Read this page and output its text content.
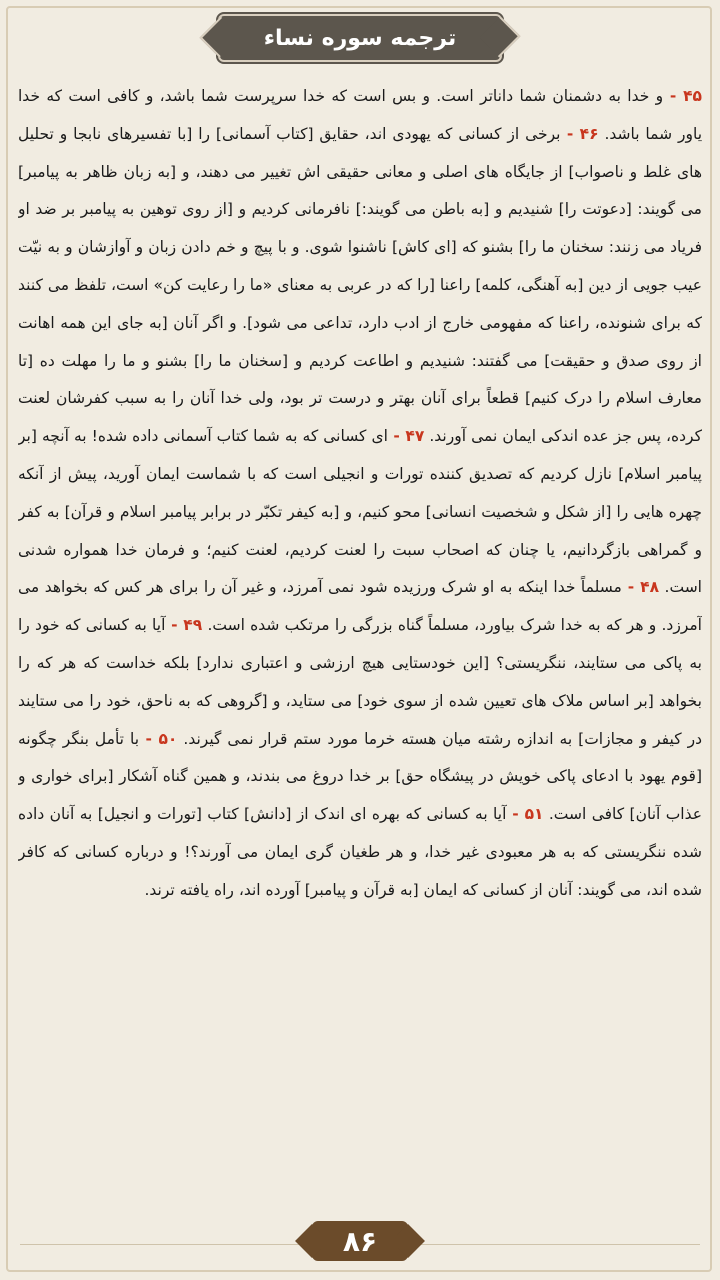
ترجمه سوره نساء
۴۵ - و خدا به دشمنان شما داناتر است. و بس است که خدا سرپرست شما باشد، و کافی است که خدا یاور شما باشد. ۴۶ - برخی از کسانی که یهودی اند، حقایق [کتاب آسمانی] را [با تفسیرهای نابجا و تحلیل های غلط و ناصواب] از جایگاه های اصلی و معانی حقیقی اش تغییر می دهند، و [به زبان ظاهر به پیامبر] می گویند: [دعوتت را] شنیدیم و [به باطن می گویند:] نافرمانی کردیم و [از روی توهین به پیامبر بر ضد او فریاد می زنند: سخنان ما را] بشنو که [ای کاش] ناشنوا شوی. و با پیچ و خم دادن زبان و آوازشان و به نیّت عیب جویی از دین [به آهنگی، کلمه] راعنا [را که در عربی به معنای «ما را رعایت کن» است، تلفظ می کنند که برای شنونده، راعنا که مفهومی خارج از ادب دارد، تداعی می شود]. و اگر آنان [به جای این همه اهانت از روی صدق و حقیقت] می گفتند: شنیدیم و اطاعت کردیم و [سخنان ما را] بشنو و ما را مهلت ده [تا معارف اسلام را درک کنیم] قطعاً برای آنان بهتر و درست تر بود، ولی خدا آنان را به سبب کفرشان لعنت کرده، پس جز عده اندکی ایمان نمی آورند. ۴۷ - ای کسانی که به شما کتاب آسمانی داده شده! به آنچه [بر پیامبر اسلام] نازل کردیم که تصدیق کننده تورات و انجیلی است که با شماست ایمان آورید، پیش از آنکه چهره هایی را [از شکل و شخصیت انسانی] محو کنیم، و [به کیفر تکبّر در برابر پیامبر اسلام و قرآن] به کفر و گمراهی بازگردانیم، یا چنان که اصحاب سبت را لعنت کردیم، لعنت کنیم؛ و فرمان خدا همواره شدنی است. ۴۸ - مسلماً خدا اینکه به او شرک ورزیده شود نمی آمرزد، و غیر آن را برای هر کس که بخواهد می آمرزد. و هر که به خدا شرک بیاورد، مسلماً گناه بزرگی را مرتکب شده است. ۴۹ - آیا به کسانی که خود را به پاکی می ستایند، ننگریستی؟ [این خودستایی هیچ ارزشی و اعتباری ندارد] بلکه خداست که هر که را بخواهد [بر اساس ملاک های تعیین شده از سوی خود] می ستاید، و [گروهی که به ناحق، خود را می ستایند در کیفر و مجازات] به اندازه رشته میان هسته خرما مورد ستم قرار نمی گیرند. ۵۰ - با تأمل بنگر چگونه [قوم یهود با ادعای پاکی خویش در پیشگاه حق] بر خدا دروغ می بندند، و همین گناه آشکار [برای خواری و عذاب آنان] کافی است. ۵۱ - آیا به کسانی که بهره ای اندک از [دانش] کتاب [تورات و انجیل] به آنان داده شده ننگریستی که به هر معبودی غیر خدا، و هر طغیان گری ایمان می آورند؟! و درباره کسانی که کافر شده اند، می گویند: آنان از کسانی که ایمان [به قرآن و پیامبر] آورده اند، راه یافته ترند.
۸۶
